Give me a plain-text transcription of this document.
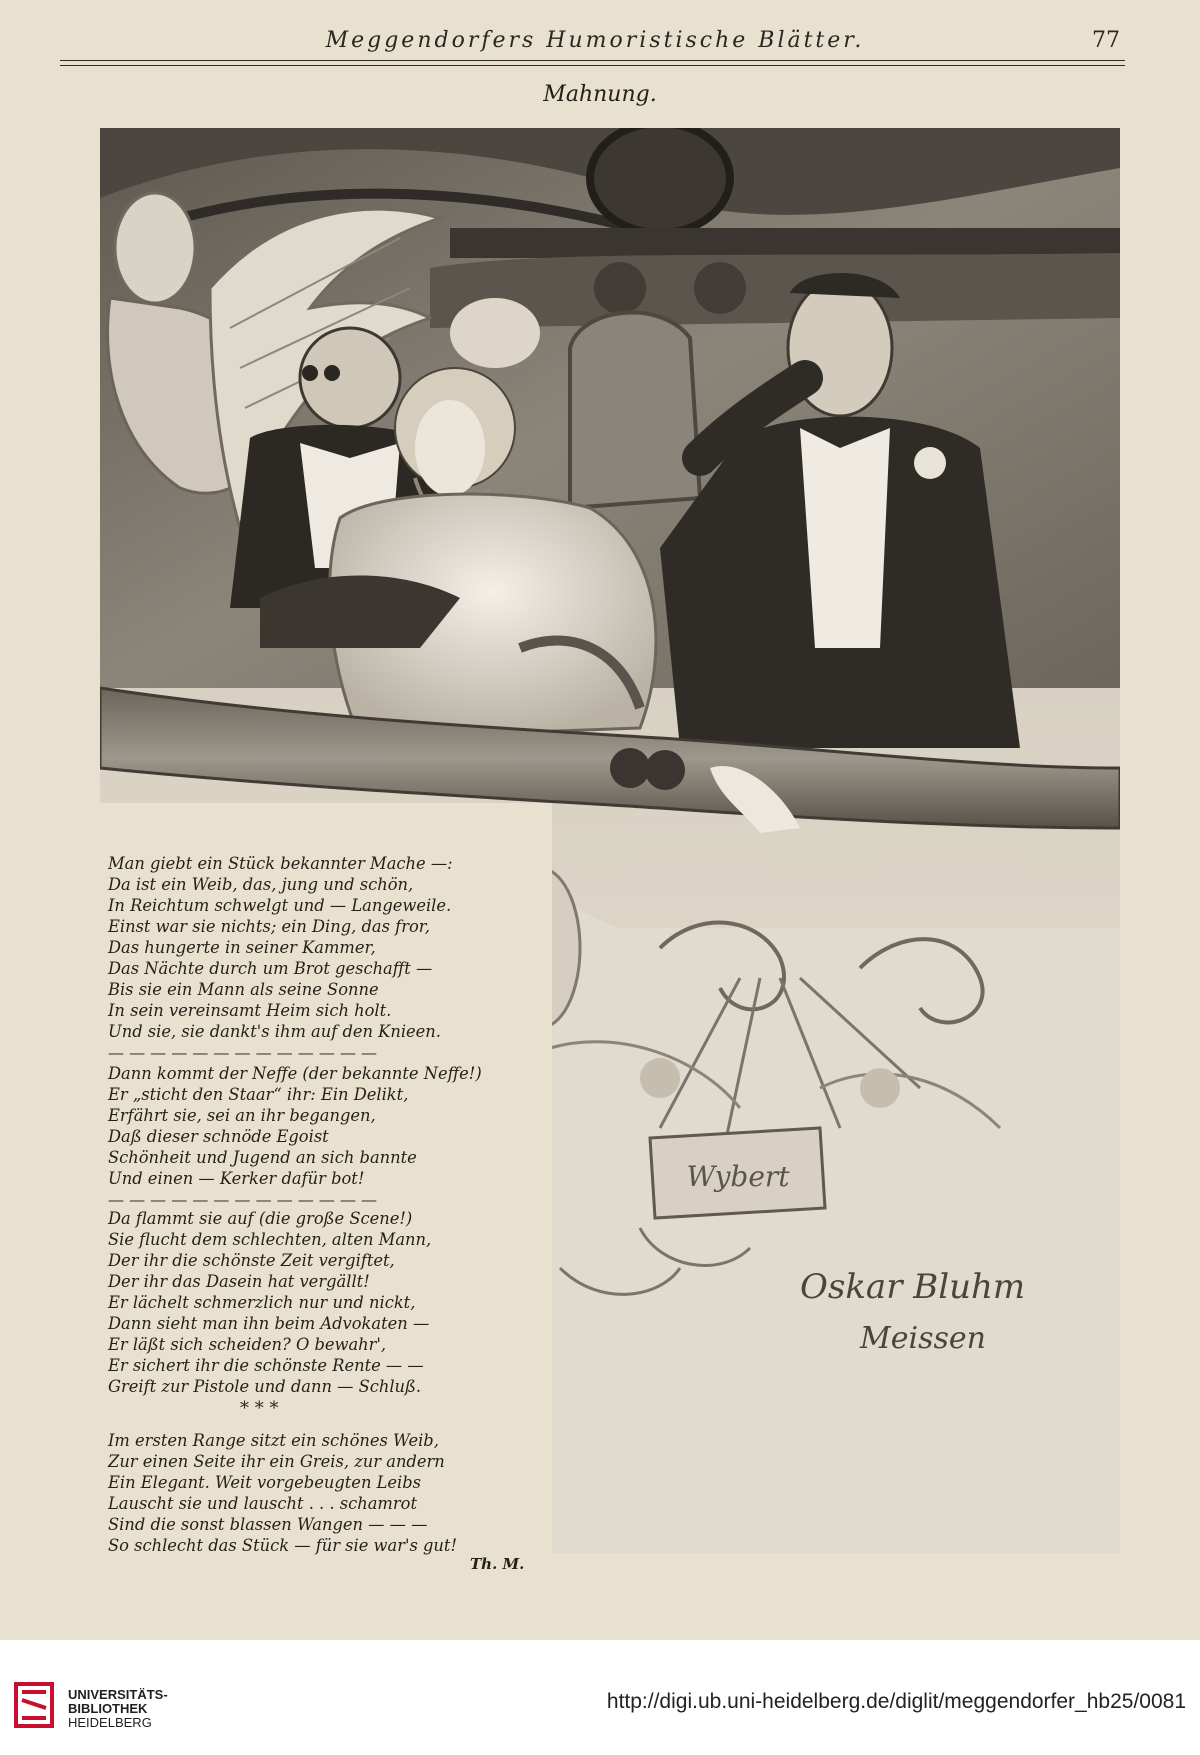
Meggendorfers Humoristische Blätter.	77
Mahnung.
Wybert
Oskar Bluhm
Meissen
Man giebt ein Stück bekannter Mache —:
Da ist ein Weib, das, jung und schön,
In Reichtum schwelgt und — Langeweile.
Einst war sie nichts; ein Ding, das fror,
Das hungerte in seiner Kammer,
Das Nächte durch um Brot geschafft —
Bis sie ein Mann als seine Sonne
In sein vereinsamt Heim sich holt.
Und sie, sie dankt's ihm auf den Knieen.
— — — — — — — — — — — — —
Dann kommt der Neffe (der bekannte Neffe!)
Er „sticht den Staar“ ihr: Ein Delikt,
Erfährt sie, sei an ihr begangen,
Daß dieser schnöde Egoist
Schönheit und Jugend an sich bannte
Und einen — Kerker dafür bot!
— — — — — — — — — — — — —
Da flammt sie auf (die große Scene!)
Sie flucht dem schlechten, alten Mann,
Der ihr die schönste Zeit vergiftet,
Der ihr das Dasein hat vergällt!
Er lächelt schmerzlich nur und nickt,
Dann sieht man ihn beim Advokaten —
Er läßt sich scheiden? O bewahr',
Er sichert ihr die schönste Rente — —
Greift zur Pistole und dann — Schluß.
* * *
Im ersten Range sitzt ein schönes Weib,
Zur einen Seite ihr ein Greis, zur andern
Ein Elegant. Weit vorgebeugten Leibs
Lauscht sie und lauscht . . . schamrot
Sind die sonst blassen Wangen — — —
So schlecht das Stück — für sie war's gut!
Th. M.
UNIVERSITÄTS-
BIBLIOTHEK
HEIDELBERG
http://digi.ub.uni-heidelberg.de/diglit/meggendorfer_hb25/0081
